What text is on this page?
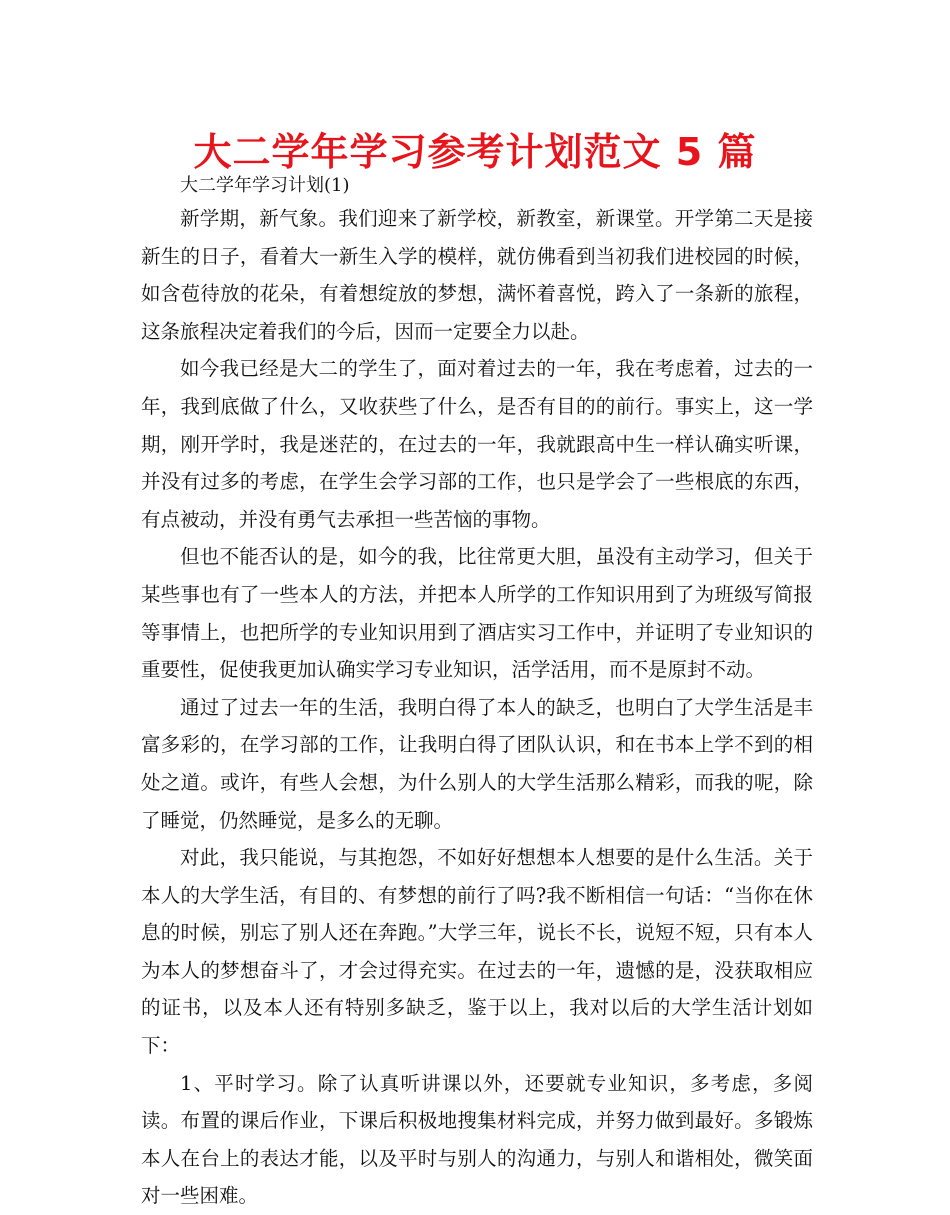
大二学年学习参考计划范文 5 篇

大二学年学习计划(1)

新学期，新气象。我们迎来了新学校，新教室，新课堂。开学第二天是接新生的日子，看着大一新生入学的模样，就仿佛看到当初我们进校园的时候，如含苞待放的花朵，有着想绽放的梦想，满怀着喜悦，跨入了一条新的旅程，这条旅程决定着我们的今后，因而一定要全力以赴。

如今我已经是大二的学生了，面对着过去的一年，我在考虑着，过去的一年，我到底做了什么，又收获些了什么，是否有目的的前行。事实上，这一学期，刚开学时，我是迷茫的，在过去的一年，我就跟高中生一样认确实听课，并没有过多的考虑，在学生会学习部的工作，也只是学会了一些根底的东西，有点被动，并没有勇气去承担一些苦恼的事物。

但也不能否认的是，如今的我，比往常更大胆，虽没有主动学习，但关于某些事也有了一些本人的方法，并把本人所学的工作知识用到了为班级写简报等事情上，也把所学的专业知识用到了酒店实习工作中，并证明了专业知识的重要性，促使我更加认确实学习专业知识，活学活用，而不是原封不动。

通过了过去一年的生活，我明白得了本人的缺乏，也明白了大学生活是丰富多彩的，在学习部的工作，让我明白得了团队认识，和在书本上学不到的相处之道。或许，有些人会想，为什么别人的大学生活那么精彩，而我的呢，除了睡觉，仍然睡觉，是多么的无聊。

对此，我只能说，与其抱怨，不如好好想想本人想要的是什么生活。关于本人的大学生活，有目的、有梦想的前行了吗?我不断相信一句话：“当你在休息的时候，别忘了别人还在奔跑。”大学三年，说长不长，说短不短，只有本人为本人的梦想奋斗了，才会过得充实。在过去的一年，遗憾的是，没获取相应的证书，以及本人还有特别多缺乏，鉴于以上，我对以后的大学生活计划如下：

1、平时学习。除了认真听讲课以外，还要就专业知识，多考虑，多阅读。布置的课后作业，下课后积极地搜集材料完成，并努力做到最好。多锻炼本人在台上的表达才能，以及平时与别人的沟通力，与别人和谐相处，微笑面对一些困难。
